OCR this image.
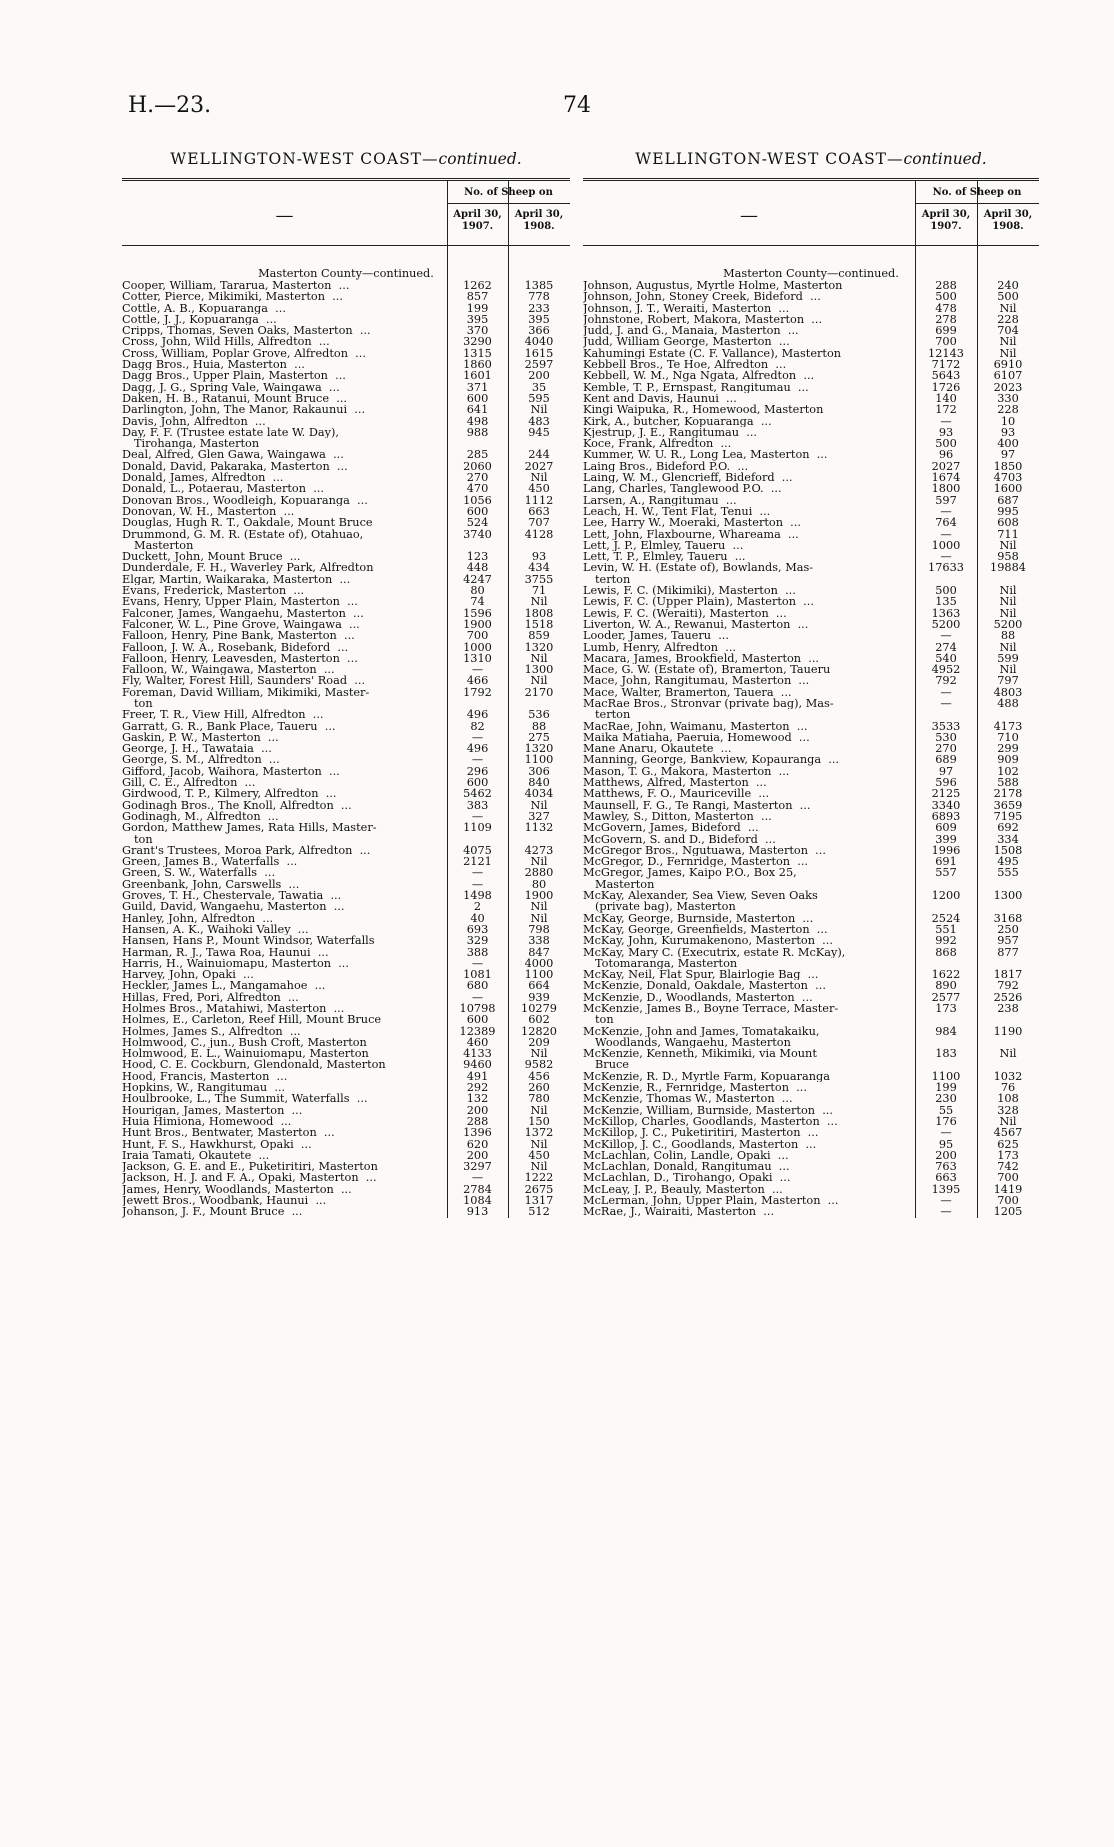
H.—23.	74
WELLINGTON-WEST COAST—continued.
—
No. of Sheep on
April 30, 1907.
April 30, 1908.
Masterton County—continued.
Cooper, William, Tararua, Masterton  ...	1262	1385
Cotter, Pierce, Mikimiki, Masterton  ...	857	778
Cottle, A. B., Kopuaranga  ...	199	233
Cottle, J. J., Kopuaranga  ...	395	395
Cripps, Thomas, Seven Oaks, Masterton  ...	370	366
Cross, John, Wild Hills, Alfredton  ...	3290	4040
Cross, William, Poplar Grove, Alfredton  ...	1315	1615
Dagg Bros., Huia, Masterton  ...	1860	2597
Dagg Bros., Upper Plain, Masterton  ...	1601	200
Dagg, J. G., Spring Vale, Waingawa  ...	371	35
Daken, H. B., Ratanui, Mount Bruce  ...	600	595
Darlington, John, The Manor, Rakaunui  ...	641	Nil
Davis, John, Alfredton  ...	498	483
Day, F. F. (Trustee estate late W. Day),	988	945
Tirohanga, Masterton
Deal, Alfred, Glen Gawa, Waingawa  ...	285	244
Donald, David, Pakaraka, Masterton  ...	2060	2027
Donald, James, Alfredton  ...	270	Nil
Donald, L., Potaerau, Masterton  ...	470	450
Donovan Bros., Woodleigh, Kopuaranga  ...	1056	1112
Donovan, W. H., Masterton  ...	600	663
Douglas, Hugh R. T., Oakdale, Mount Bruce	524	707
Drummond, G. M. R. (Estate of), Otahuao,	3740	4128
Masterton
Duckett, John, Mount Bruce  ...	123	93
Dunderdale, F. H., Waverley Park, Alfredton	448	434
Elgar, Martin, Waikaraka, Masterton  ...	4247	3755
Evans, Frederick, Masterton  ...	80	71
Evans, Henry, Upper Plain, Masterton  ...	74	Nil
Falconer, James, Wangaehu, Masterton  ...	1596	1808
Falconer, W. L., Pine Grove, Waingawa  ...	1900	1518
Falloon, Henry, Pine Bank, Masterton  ...	700	859
Falloon, J. W. A., Rosebank, Bideford  ...	1000	1320
Falloon, Henry, Leavesden, Masterton  ...	1310	Nil
Falloon, W., Waingawa, Masterton  ...	—	1300
Fly, Walter, Forest Hill, Saunders' Road  ...	466	Nil
Foreman, David William, Mikimiki, Master-	1792	2170
ton
Freer, T. R., View Hill, Alfredton  ...	496	536
Garratt, G. R., Bank Place, Taueru  ...	82	88
Gaskin, P. W., Masterton  ...	—	275
George, J. H., Tawataia  ...	496	1320
George, S. M., Alfredton  ...	—	1100
Gifford, Jacob, Waihora, Masterton  ...	296	306
Gill, C. E., Alfredton  ...	600	840
Girdwood, T. P., Kilmery, Alfredton  ...	5462	4034
Godinagh Bros., The Knoll, Alfredton  ...	383	Nil
Godinagh, M., Alfredton  ...	—	327
Gordon, Matthew James, Rata Hills, Master-	1109	1132
ton
Grant's Trustees, Moroa Park, Alfredton  ...	4075	4273
Green, James B., Waterfalls  ...	2121	Nil
Green, S. W., Waterfalls  ...	—	2880
Greenbank, John, Carswells  ...	—	80
Groves, T. H., Chestervale, Tawatia  ...	1498	1900
Guild, David, Wangaehu, Masterton  ...	2	Nil
Hanley, John, Alfredton  ...	40	Nil
Hansen, A. K., Waihoki Valley  ...	693	798
Hansen, Hans P., Mount Windsor, Waterfalls	329	338
Harman, R. J., Tawa Roa, Haunui  ...	388	847
Harris, H., Wainuiomapu, Masterton  ...	—	4000
Harvey, John, Opaki  ...	1081	1100
Heckler, James L., Mangamahoe  ...	680	664
Hillas, Fred, Pori, Alfredton  ...	—	939
Holmes Bros., Matahiwi, Masterton  ...	10798	10279
Holmes, E., Carleton, Reef Hill, Mount Bruce	600	602
Holmes, James S., Alfredton  ...	12389	12820
Holmwood, C., jun., Bush Croft, Masterton	460	209
Holmwood, E. L., Wainuiomapu, Masterton	4133	Nil
Hood, C. E. Cockburn, Glendonald, Masterton	9460	9582
Hood, Francis, Masterton  ...	491	456
Hopkins, W., Rangitumau  ...	292	260
Houlbrooke, L., The Summit, Waterfalls  ...	132	780
Hourigan, James, Masterton  ...	200	Nil
Huia Himiona, Homewood  ...	288	150
Hunt Bros., Bentwater, Masterton  ...	1396	1372
Hunt, F. S., Hawkhurst, Opaki  ...	620	Nil
Iraia Tamati, Okautete  ...	200	450
Jackson, G. E. and E., Puketiritiri, Masterton	3297	Nil
Jackson, H. J. and F. A., Opaki, Masterton  ...	—	1222
James, Henry, Woodlands, Masterton  ...	2784	2675
Jewett Bros., Woodbank, Haunui  ...	1084	1317
Johanson, J. F., Mount Bruce  ...	913	512
WELLINGTON-WEST COAST—continued.
—
No. of Sheep on
April 30, 1907.
April 30, 1908.
Masterton County—continued.
Johnson, Augustus, Myrtle Holme, Masterton	288	240
Johnson, John, Stoney Creek, Bideford  ...	500	500
Johnson, J. T., Weraiti, Masterton  ...	478	Nil
Johnstone, Robert, Makora, Masterton  ...	278	228
Judd, J. and G., Manaia, Masterton  ...	699	704
Judd, William George, Masterton  ...	700	Nil
Kahumingi Estate (C. F. Vallance), Masterton	12143	Nil
Kebbell Bros., Te Hoe, Alfredton  ...	7172	6910
Kebbell, W. M., Nga Ngata, Alfredton  ...	5643	6107
Kemble, T. P., Ernspast, Rangitumau  ...	1726	2023
Kent and Davis, Haunui  ...	140	330
Kingi Waipuka, R., Homewood, Masterton	172	228
Kirk, A., butcher, Kopuaranga  ...	—	10
Kjestrup, J. E., Rangitumau  ...	93	93
Koce, Frank, Alfredton  ...	500	400
Kummer, W. U. R., Long Lea, Masterton  ...	96	97
Laing Bros., Bideford P.O.  ...	2027	1850
Laing, W. M., Glencrieff, Bideford  ...	1674	4703
Lang, Charles, Tanglewood P.O.  ...	1800	1600
Larsen, A., Rangitumau  ...	597	687
Leach, H. W., Tent Flat, Tenui  ...	—	995
Lee, Harry W., Moeraki, Masterton  ...	764	608
Lett, John, Flaxbourne, Whareama  ...	—	711
Lett, J. P., Elmley, Taueru  ...	1000	Nil
Lett, T. P., Elmley, Taueru  ...	—	958
Levin, W. H. (Estate of), Bowlands, Mas-	17633	19884
terton
Lewis, F. C. (Mikimiki), Masterton  ...	500	Nil
Lewis, F. C. (Upper Plain), Masterton  ...	135	Nil
Lewis, F. C. (Weraiti), Masterton  ...	1363	Nil
Liverton, W. A., Rewanui, Masterton  ...	5200	5200
Looder, James, Taueru  ...	—	88
Lumb, Henry, Alfredton  ...	274	Nil
Macara, James, Brookfield, Masterton  ...	540	599
Mace, G. W. (Estate of), Bramerton, Taueru	4952	Nil
Mace, John, Rangitumau, Masterton  ...	792	797
Mace, Walter, Bramerton, Tauera  ...	—	4803
MacRae Bros., Stronvar (private bag), Mas-	—	488
terton
MacRae, John, Waimanu, Masterton  ...	3533	4173
Maika Matiaha, Paeruia, Homewood  ...	530	710
Mane Anaru, Okautete  ...	270	299
Manning, George, Bankview, Kopauranga  ...	689	909
Mason, T. G., Makora, Masterton  ...	97	102
Matthews, Alfred, Masterton  ...	596	588
Matthews, F. O., Mauriceville  ...	2125	2178
Maunsell, F. G., Te Rangi, Masterton  ...	3340	3659
Mawley, S., Ditton, Masterton  ...	6893	7195
McGovern, James, Bideford  ...	609	692
McGovern, S. and D., Bideford  ...	399	334
McGregor Bros., Ngutuawa, Masterton  ...	1996	1508
McGregor, D., Fernridge, Masterton  ...	691	495
McGregor, James, Kaipo P.O., Box 25,	557	555
Masterton
McKay, Alexander, Sea View, Seven Oaks	1200	1300
(private bag), Masterton
McKay, George, Burnside, Masterton  ...	2524	3168
McKay, George, Greenfields, Masterton  ...	551	250
McKay, John, Kurumakenono, Masterton  ...	992	957
McKay, Mary C. (Executrix, estate R. McKay),	868	877
Totomaranga, Masterton
McKay, Neil, Flat Spur, Blairlogie Bag  ...	1622	1817
McKenzie, Donald, Oakdale, Masterton  ...	890	792
McKenzie, D., Woodlands, Masterton  ...	2577	2526
McKenzie, James B., Boyne Terrace, Master-	173	238
ton
McKenzie, John and James, Tomatakaiku,	984	1190
Woodlands, Wangaehu, Masterton
McKenzie, Kenneth, Mikimiki, via Mount	183	Nil
Bruce
McKenzie, R. D., Myrtle Farm, Kopuaranga	1100	1032
McKenzie, R., Fernridge, Masterton  ...	199	76
McKenzie, Thomas W., Masterton  ...	230	108
McKenzie, William, Burnside, Masterton  ...	55	328
McKillop, Charles, Goodlands, Masterton  ...	176	Nil
McKillop, J. C., Puketiritiri, Masterton  ...	—	4567
McKillop, J. C., Goodlands, Masterton  ...	95	625
McLachlan, Colin, Landle, Opaki  ...	200	173
McLachlan, Donald, Rangitumau  ...	763	742
McLachlan, D., Tirohango, Opaki  ...	663	700
McLeay, J. P., Beauly, Masterton  ...	1395	1419
McLerman, John, Upper Plain, Masterton  ...	—	700
McRae, J., Wairaiti, Masterton  ...	—	1205
